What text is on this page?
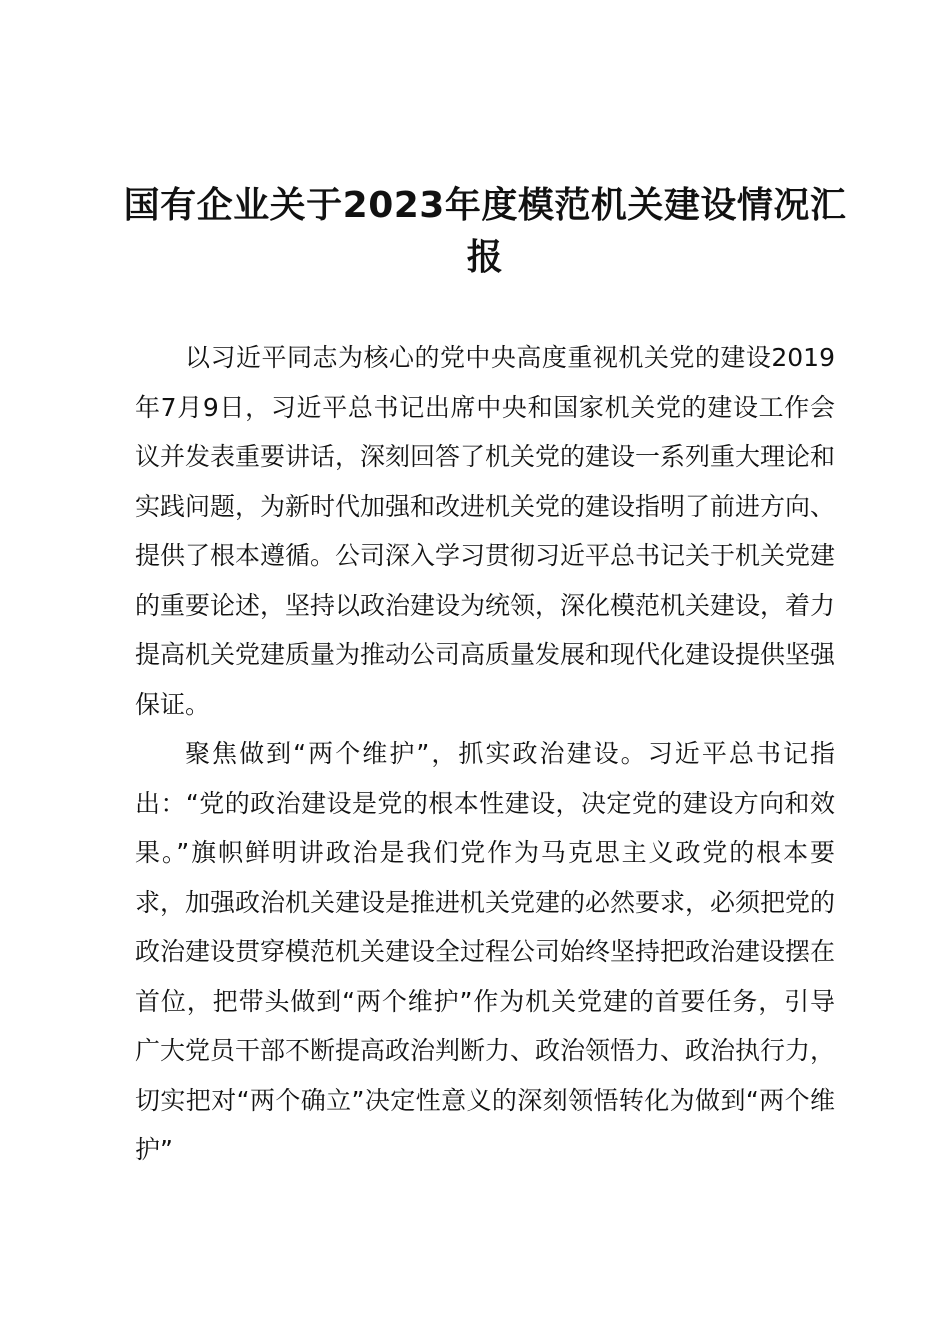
国有企业关于2023年度模范机关建设情况汇报

以习近平同志为核心的党中央高度重视机关党的建设2019年7月9日，习近平总书记出席中央和国家机关党的建设工作会议并发表重要讲话，深刻回答了机关党的建设一系列重大理论和实践问题，为新时代加强和改进机关党的建设指明了前进方向、提供了根本遵循。公司深入学习贯彻习近平总书记关于机关党建的重要论述，坚持以政治建设为统领，深化模范机关建设，着力提高机关党建质量为推动公司高质量发展和现代化建设提供坚强保证。

聚焦做到“两个维护”，抓实政治建设。习近平总书记指出：“党的政治建设是党的根本性建设，决定党的建设方向和效果。”旗帜鲜明讲政治是我们党作为马克思主义政党的根本要求，加强政治机关建设是推进机关党建的必然要求，必须把党的政治建设贯穿模范机关建设全过程公司始终坚持把政治建设摆在首位，把带头做到“两个维护”作为机关党建的首要任务，引导广大党员干部不断提高政治判断力、政治领悟力、政治执行力，切实把对“两个确立”决定性意义的深刻领悟转化为做到“两个维护”
